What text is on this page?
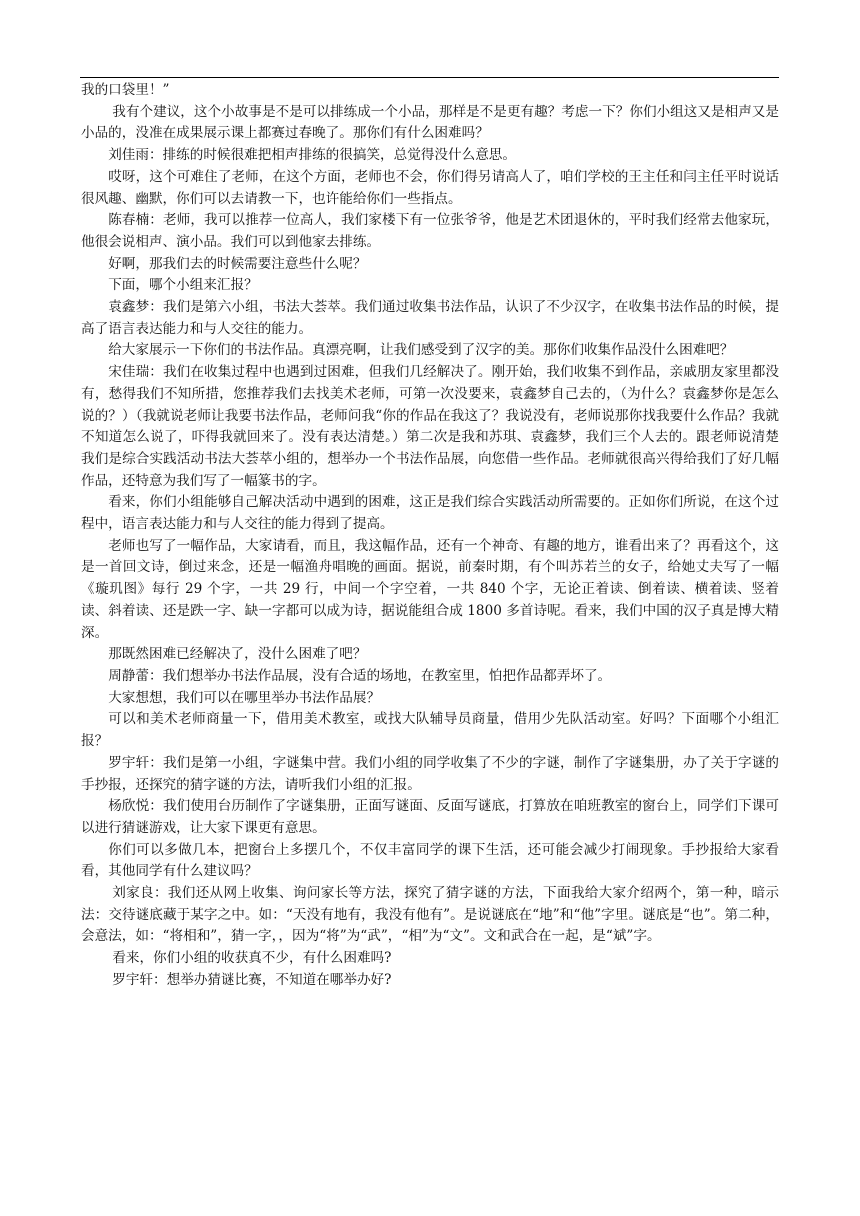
我的口袋里！”

我有个建议，这个小故事是不是可以排练成一个小品，那样是不是更有趣？考虑一下？你们小组这又是相声又是小品的，没准在成果展示课上都赛过春晚了。那你们有什么困难吗？

刘佳雨：排练的时候很难把相声排练的很搞笑，总觉得没什么意思。

哎呀，这个可难住了老师，在这个方面，老师也不会，你们得另请高人了，咱们学校的王主任和闫主任平时说话很风趣、幽默，你们可以去请教一下，也许能给你们一些指点。

陈春楠：老师，我可以推荐一位高人，我们家楼下有一位张爷爷，他是艺术团退休的，平时我们经常去他家玩，他很会说相声、演小品。我们可以到他家去排练。

好啊，那我们去的时候需要注意些什么呢？

下面，哪个小组来汇报？

袁鑫梦：我们是第六小组，书法大荟萃。我们通过收集书法作品，认识了不少汉字，在收集书法作品的时候，提高了语言表达能力和与人交往的能力。

给大家展示一下你们的书法作品。真漂亮啊，让我们感受到了汉字的美。那你们收集作品没什么困难吧？

宋佳瑞：我们在收集过程中也遇到过困难，但我们几经解决了。刚开始，我们收集不到作品，亲戚朋友家里都没有，愁得我们不知所措，您推荐我们去找美术老师，可第一次没要来，袁鑫梦自己去的，（为什么？袁鑫梦你是怎么说的？）（我就说老师让我要书法作品，老师问我“你的作品在我这了？我说没有，老师说那你找我要什么作品？我就不知道怎么说了，吓得我就回来了。没有表达清楚。）第二次是我和苏琪、袁鑫梦，我们三个人去的。跟老师说清楚我们是综合实践活动书法大荟萃小组的，想举办一个书法作品展，向您借一些作品。老师就很高兴得给我们了好几幅作品，还特意为我们写了一幅篆书的字。

看来，你们小组能够自己解决活动中遇到的困难，这正是我们综合实践活动所需要的。正如你们所说，在这个过程中，语言表达能力和与人交往的能力得到了提高。

老师也写了一幅作品，大家请看，而且，我这幅作品，还有一个神奇、有趣的地方，谁看出来了？再看这个，这是一首回文诗，倒过来念，还是一幅渔舟唱晚的画面。据说，前秦时期，有个叫苏若兰的女子，给她丈夫写了一幅《璇玑图》每行 29 个字，一共 29 行，中间一个字空着，一共 840 个字，无论正着读、倒着读、横着读、竖着读、斜着读、还是跌一字、缺一字都可以成为诗，据说能组合成 1800 多首诗呢。看来，我们中国的汉子真是博大精深。

那既然困难已经解决了，没什么困难了吧？

周静蕾：我们想举办书法作品展，没有合适的场地，在教室里，怕把作品都弄坏了。

大家想想，我们可以在哪里举办书法作品展？

可以和美术老师商量一下，借用美术教室，或找大队辅导员商量，借用少先队活动室。好吗？下面哪个小组汇报？

罗宇轩：我们是第一小组，字谜集中营。我们小组的同学收集了不少的字谜，制作了字谜集册，办了关于字谜的手抄报，还探究的猜字谜的方法，请听我们小组的汇报。

杨欣悦：我们使用台历制作了字谜集册，正面写谜面、反面写谜底，打算放在咱班教室的窗台上，同学们下课可以进行猜谜游戏，让大家下课更有意思。

你们可以多做几本，把窗台上多摆几个，不仅丰富同学的课下生活，还可能会减少打闹现象。手抄报给大家看看，其他同学有什么建议吗？

刘家良：我们还从网上收集、询问家长等方法，探究了猜字谜的方法，下面我给大家介绍两个，第一种，暗示法：交待谜底藏于某字之中。如：“天没有地有，我没有他有”。是说谜底在“地”和“他”字里。谜底是“也”。第二种，会意法，如：“将相和”，猜一字，，因为“将”为“武”，“相”为“文”。文和武合在一起，是“斌”字。

看来，你们小组的收获真不少，有什么困难吗?

罗宇轩：想举办猜谜比赛，不知道在哪举办好?
